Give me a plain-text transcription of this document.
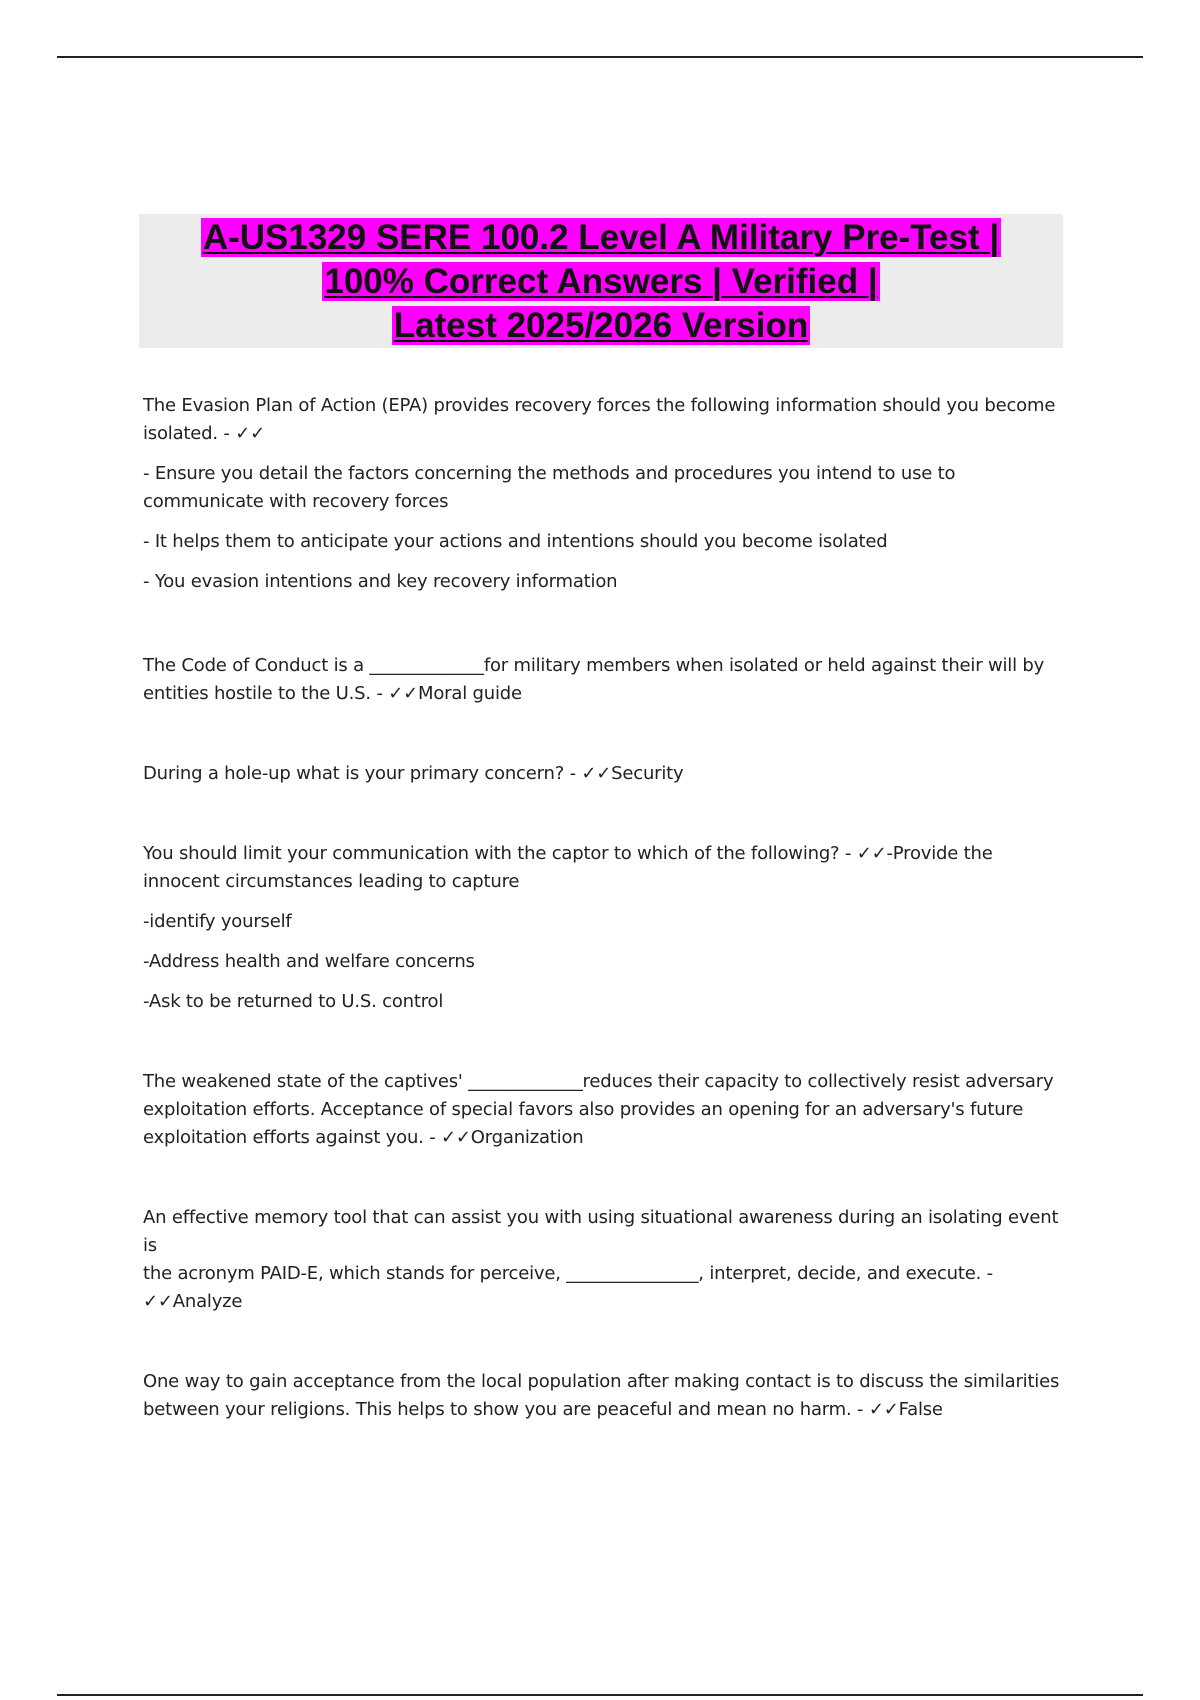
A-US1329 SERE 100.2 Level A Military Pre-Test |
100% Correct Answers | Verified |
Latest 2025/2026 Version

The Evasion Plan of Action (EPA) provides recovery forces the following information should you become

isolated. - ✓✓

- Ensure you detail the factors concerning the methods and procedures you intend to use to

communicate with recovery forces

- It helps them to anticipate your actions and intentions should you become isolated

- You evasion intentions and key recovery information

The Code of Conduct is a _____________for military members when isolated or held against their will by

entities hostile to the U.S. - ✓✓Moral guide

During a hole-up what is your primary concern? - ✓✓Security

You should limit your communication with the captor to which of the following? - ✓✓-Provide the

innocent circumstances leading to capture

-identify yourself

-Address health and welfare concerns

-Ask to be returned to U.S. control

The weakened state of the captives' _____________reduces their capacity to collectively resist adversary

exploitation efforts. Acceptance of special favors also provides an opening for an adversary's future

exploitation efforts against you. - ✓✓Organization

An effective memory tool that can assist you with using situational awareness during an isolating event is

the acronym PAID-E, which stands for perceive, _______________, interpret, decide, and execute. -

✓✓Analyze

One way to gain acceptance from the local population after making contact is to discuss the similarities

between your religions. This helps to show you are peaceful and mean no harm. - ✓✓False
